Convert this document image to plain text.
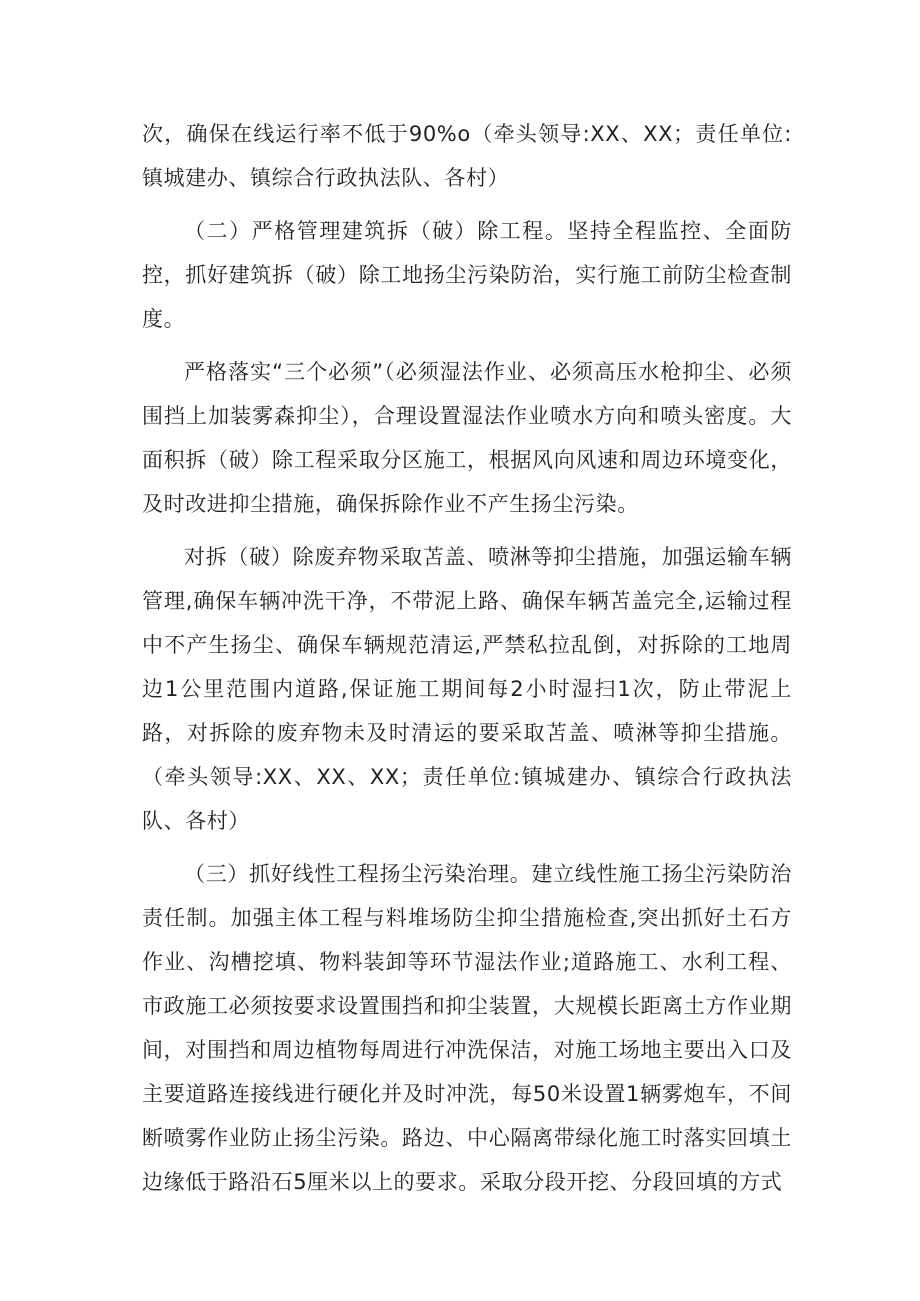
次，确保在线运行率不低于90%o（牵头领导:XX、XX；责任单位:镇城建办、镇综合行政执法队、各村）

（二）严格管理建筑拆（破）除工程。坚持全程监控、全面防控，抓好建筑拆（破）除工地扬尘污染防治，实行施工前防尘检查制度。

严格落实“三个必须”（必须湿法作业、必须高压水枪抑尘、必须围挡上加装雾森抑尘），合理设置湿法作业喷水方向和喷头密度。大面积拆（破）除工程采取分区施工，根据风向风速和周边环境变化，及时改进抑尘措施，确保拆除作业不产生扬尘污染。

对拆（破）除废弃物采取苫盖、喷淋等抑尘措施，加强运输车辆管理,确保车辆冲洗干净，不带泥上路、确保车辆苫盖完全,运输过程中不产生扬尘、确保车辆规范清运,严禁私拉乱倒，对拆除的工地周边1公里范围内道路,保证施工期间每2小时湿扫1次，防止带泥上路，对拆除的废弃物未及时清运的要采取苫盖、喷淋等抑尘措施。（牵头领导:XX、XX、XX；责任单位:镇城建办、镇综合行政执法队、各村）

（三）抓好线性工程扬尘污染治理。建立线性施工扬尘污染防治责任制。加强主体工程与料堆场防尘抑尘措施检查,突出抓好土石方作业、沟槽挖填、物料装卸等环节湿法作业;道路施工、水利工程、市政施工必须按要求设置围挡和抑尘装置，大规模长距离土方作业期间，对围挡和周边植物每周进行冲洗保洁，对施工场地主要出入口及主要道路连接线进行硬化并及时冲洗，每50米设置1辆雾炮车，不间断喷雾作业防止扬尘污染。路边、中心隔离带绿化施工时落实回填土边缘低于路沿石5厘米以上的要求。采取分段开挖、分段回填的方式
